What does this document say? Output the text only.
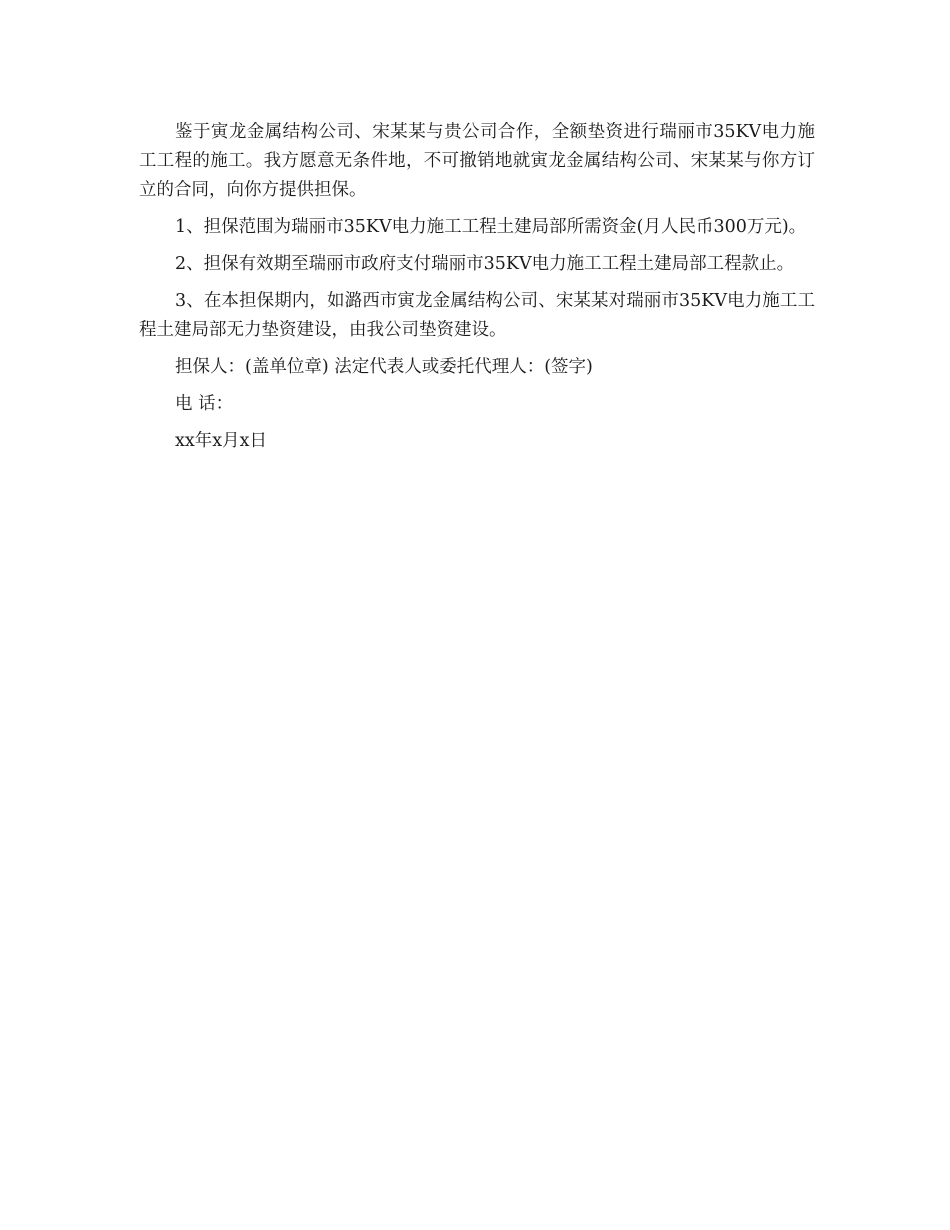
鉴于寅龙金属结构公司、宋某某与贵公司合作，全额垫资进行瑞丽市35KV电力施工工程的施工。我方愿意无条件地，不可撤销地就寅龙金属结构公司、宋某某与你方订立的合同，向你方提供担保。

1、担保范围为瑞丽市35KV电力施工工程土建局部所需资金(月人民币300万元)。

2、担保有效期至瑞丽市政府支付瑞丽市35KV电力施工工程土建局部工程款止。

3、在本担保期内，如潞西市寅龙金属结构公司、宋某某对瑞丽市35KV电力施工工程土建局部无力垫资建设，由我公司垫资建设。

担保人：(盖单位章) 法定代表人或委托代理人：(签字)

电 话：

xx年x月x日
